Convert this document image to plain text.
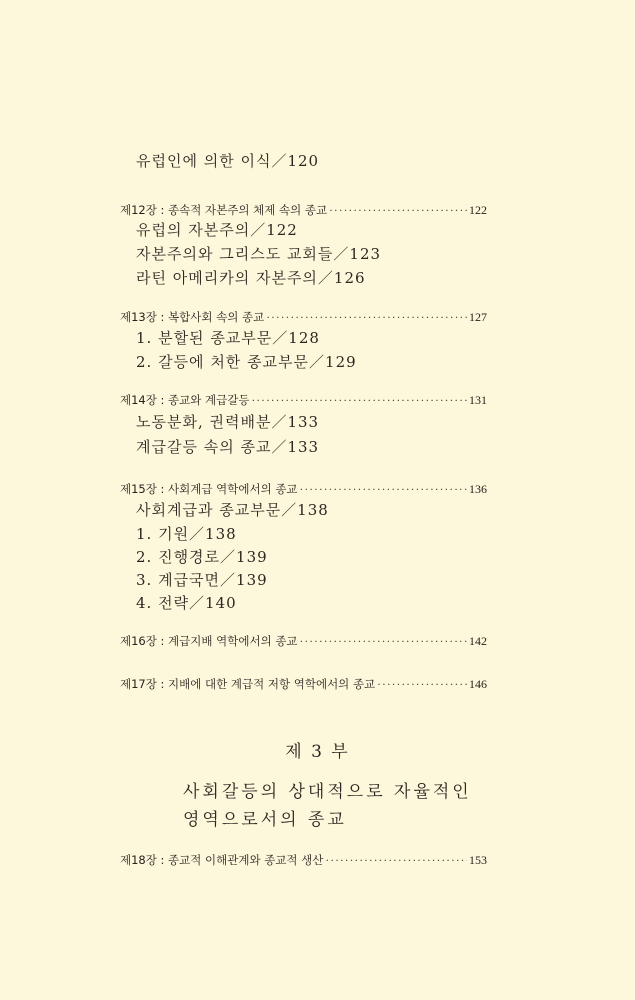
유럽인에 의한 이식／120
제12장 : 종속적 자본주의 체제 속의 종교 ·····	122
유럽의 자본주의／122
자본주의와 그리스도 교회들／123
라틴 아메리카의 자본주의／126
제13장 : 복합사회 속의 종교 ·····	127
1. 분할된 종교부문／128
2. 갈등에 처한 종교부문／129
제14장 : 종교와 계급갈등 ·····	131
노동분화, 권력배분／133
계급갈등 속의 종교／133
제15장 : 사회계급 역학에서의 종교 ·····	136
사회계급과 종교부문／138
1. 기원／138
2. 진행경로／139
3. 계급국면／139
4. 전략／140
제16장 : 계급지배 역학에서의 종교 ·····	142
제17장 : 지배에 대한 계급적 저항 역학에서의 종교 ·····	146
제 3 부
사회갈등의 상대적으로 자율적인
영역으로서의 종교
제18장 : 종교적 이해관계와 종교적 생산 ·····	153
